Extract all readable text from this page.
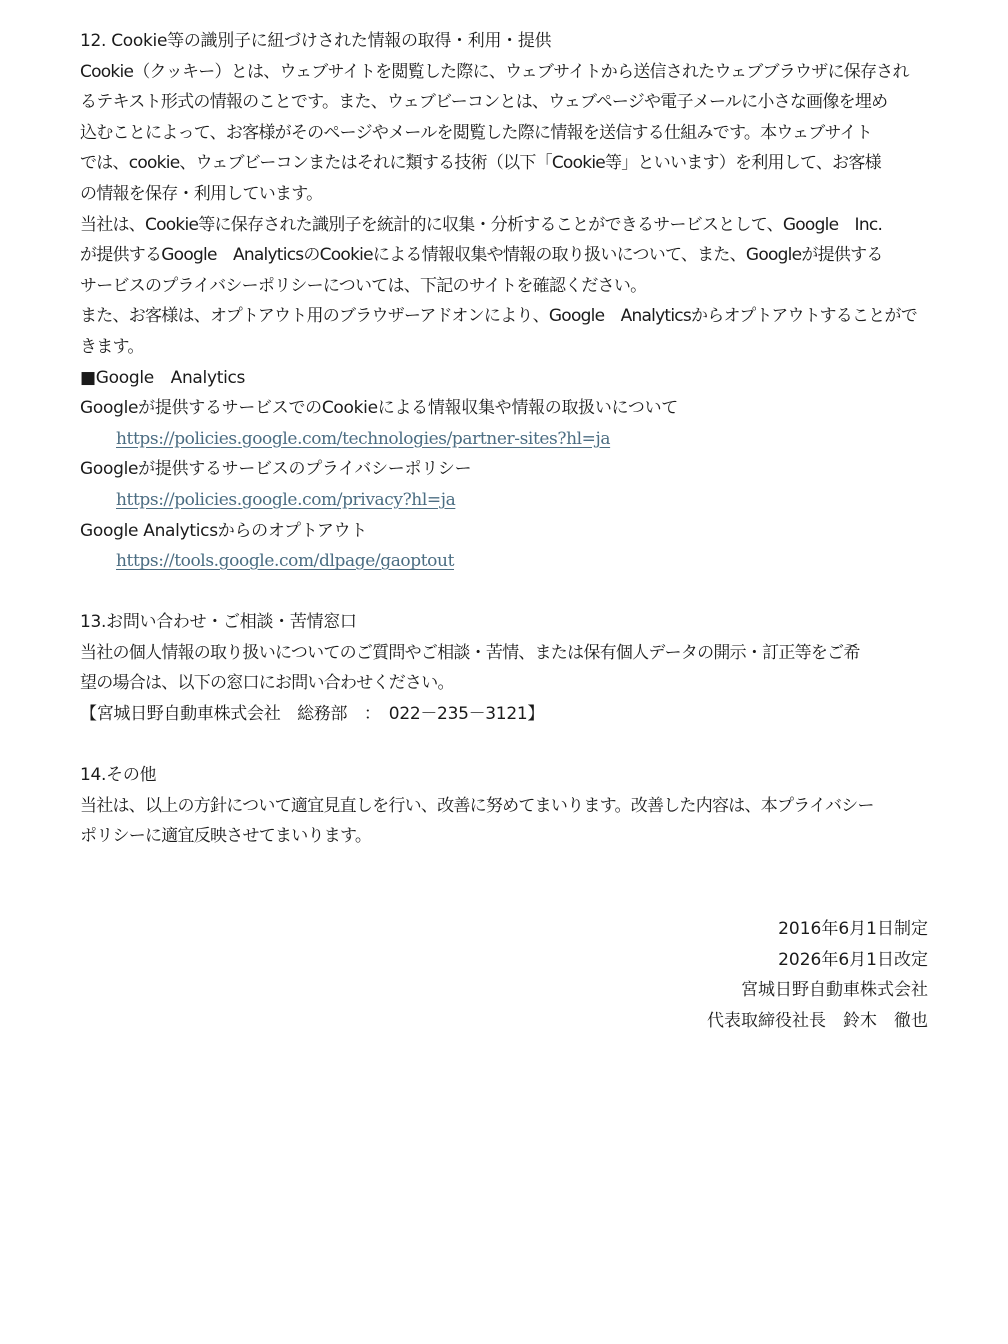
12. Cookie等の識別子に紐づけされた情報の取得・利用・提供
Cookie（クッキー）とは、ウェブサイトを閲覧した際に、ウェブサイトから送信されたウェブブラウザに保存され
るテキスト形式の情報のことです。また、ウェブビーコンとは、ウェブページや電子メールに小さな画像を埋め
込むことによって、お客様がそのページやメールを閲覧した際に情報を送信する仕組みです。本ウェブサイト
では、cookie、ウェブビーコンまたはそれに類する技術（以下「Cookie等」といいます）を利用して、お客様
の情報を保存・利用しています。
当社は、Cookie等に保存された識別子を統計的に収集・分析することができるサービスとして、Google　Inc.
が提供するGoogle　AnalyticsのCookieによる情報収集や情報の取り扱いについて、また、Googleが提供する
サービスのプライバシーポリシーについては、下記のサイトを確認ください。
また、お客様は、オプトアウト用のブラウザーアドオンにより、Google　Analyticsからオプトアウトすることがで
きます。
■Google　Analytics
Googleが提供するサービスでのCookieによる情報収集や情報の取扱いについて
https://policies.google.com/technologies/partner-sites?hl=ja
Googleが提供するサービスのプライバシーポリシー
https://policies.google.com/privacy?hl=ja
Google Analyticsからのオプトアウト
https://tools.google.com/dlpage/gaoptout
13.お問い合わせ・ご相談・苦情窓口
当社の個人情報の取り扱いについてのご質問やご相談・苦情、または保有個人データの開示・訂正等をご希
望の場合は、以下の窓口にお問い合わせください。
【宮城日野自動車株式会社　総務部　：　022－235－3121】
14.その他
当社は、以上の方針について適宜見直しを行い、改善に努めてまいります。改善した内容は、本プライバシー
ポリシーに適宜反映させてまいります。
2016年6月1日制定
2026年6月1日改定
宮城日野自動車株式会社
代表取締役社長　鈴木　徹也
